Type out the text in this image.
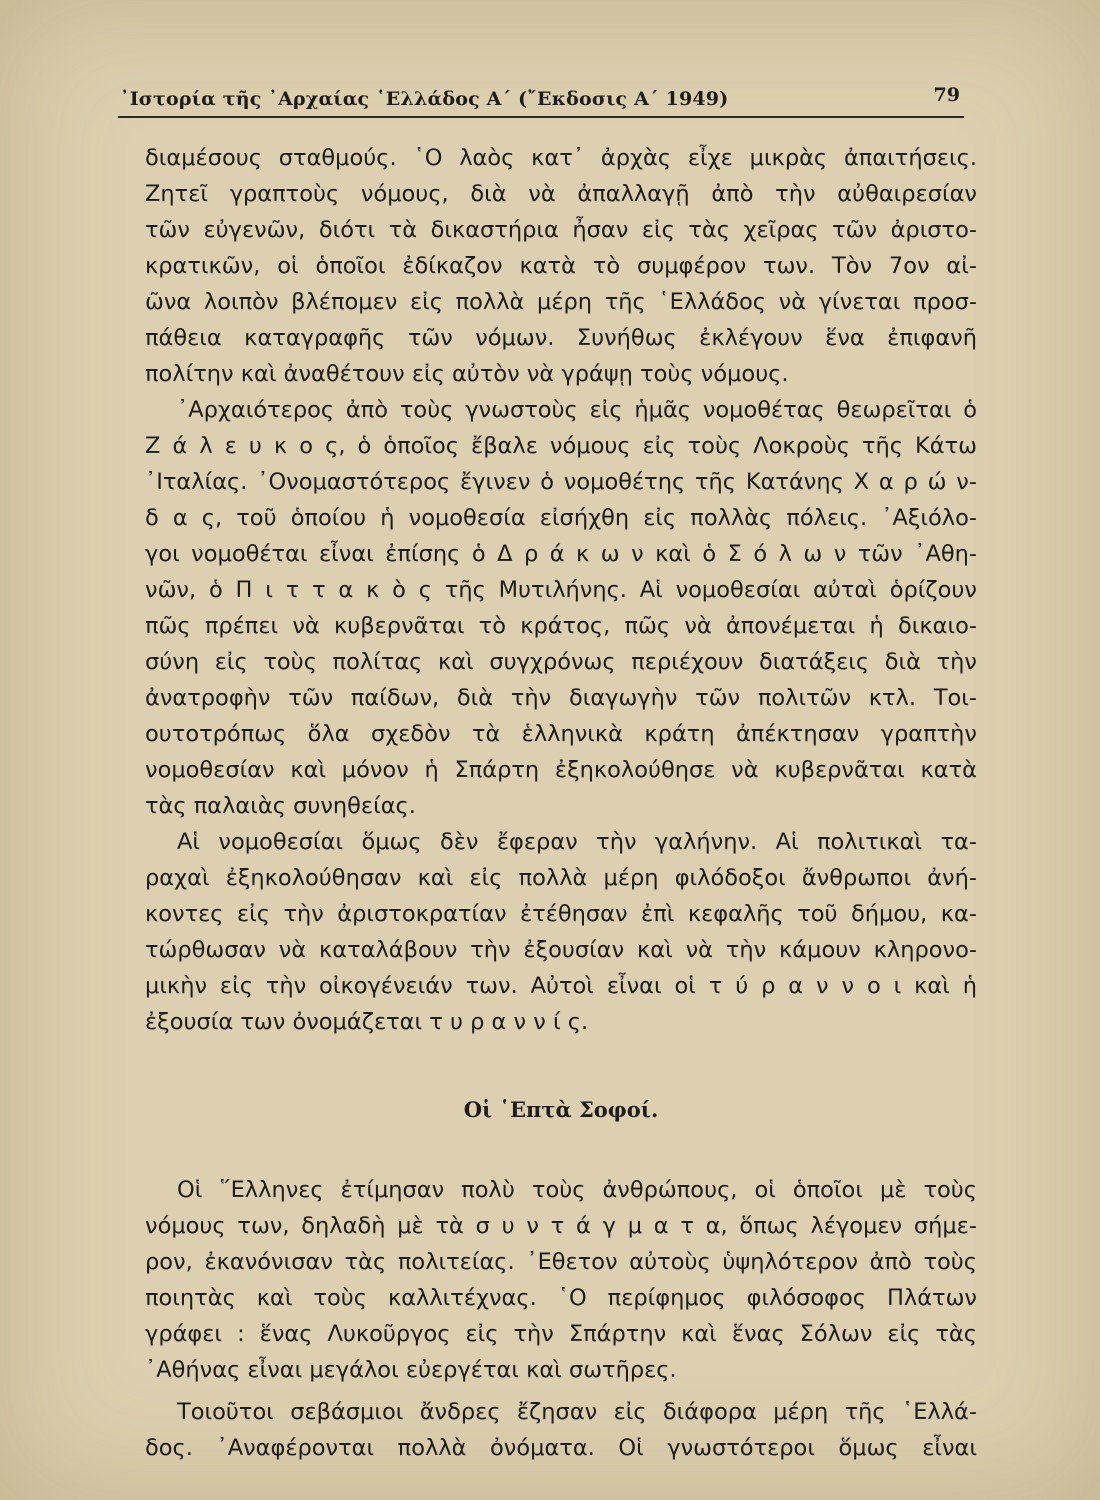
᾿Ιστορία τῆς ᾿Αρχαίας ῾Ελλάδος Α΄ (῎Εκδοσις Α΄ 1949)	79
διαμέσους σταθμούς. ῾Ο λαὸς κατ᾿ ἀρχὰς εἶχε μικρὰς ἀπαιτήσεις.
Ζητεῖ γραπτοὺς νόμους, διὰ νὰ ἀπαλλαγῇ ἀπὸ τὴν αὐθαιρεσίαν
τῶν εὐγενῶν, διότι τὰ δικαστήρια ἦσαν εἰς τὰς χεῖρας τῶν ἀριστο-
κρατικῶν, οἱ ὁποῖοι ἐδίκαζον κατὰ τὸ συμφέρον των. Τὸν 7ον αἰ-
ῶνα λοιπὸν βλέπομεν εἰς πολλὰ μέρη τῆς ῾Ελλάδος νὰ γίνεται προσ-
πάθεια καταγραφῆς τῶν νόμων. Συνήθως ἐκλέγουν ἕνα ἐπιφανῆ
πολίτην καὶ ἀναθέτουν εἰς αὐτὸν νὰ γράψῃ τοὺς νόμους.
᾿Αρχαιότερος ἀπὸ τοὺς γνωστοὺς εἰς ἡμᾶς νομοθέτας θεωρεῖται ὁ
Ζ ά λ ε υ κ ο ς, ὁ ὁποῖος ἔβαλε νόμους εἰς τοὺς Λοκροὺς τῆς Κάτω
᾿Ιταλίας. ᾿Ονομαστότερος ἔγινεν ὁ νομοθέτης τῆς Κατάνης Χ α ρ ώ ν-
δ α ς, τοῦ ὁποίου ἡ νομοθεσία εἰσήχθη εἰς πολλὰς πόλεις. ᾿Αξιόλο-
γοι νομοθέται εἶναι ἐπίσης ὁ Δ ρ ά κ ω ν καὶ ὁ Σ ό λ ω ν τῶν ᾿Αθη-
νῶν, ὁ Π ι τ τ α κ ὸ ς τῆς Μυτιλήνης. Αἱ νομοθεσίαι αὐταὶ ὁρίζουν
πῶς πρέπει νὰ κυβερνᾶται τὸ κράτος, πῶς νὰ ἀπονέμεται ἡ δικαιο-
σύνη εἰς τοὺς πολίτας καὶ συγχρόνως περιέχουν διατάξεις διὰ τὴν
ἀνατροφὴν τῶν παίδων, διὰ τὴν διαγωγὴν τῶν πολιτῶν κτλ. Τοι-
ουτοτρόπως ὅλα σχεδὸν τὰ ἑλληνικὰ κράτη ἀπέκτησαν γραπτὴν
νομοθεσίαν καὶ μόνον ἡ Σπάρτη ἐξηκολούθησε νὰ κυβερνᾶται κατὰ
τὰς παλαιὰς συνηθείας.
Αἱ νομοθεσίαι ὅμως δὲν ἔφεραν τὴν γαλήνην. Αἱ πολιτικαὶ τα-
ραχαὶ ἐξηκολούθησαν καὶ εἰς πολλὰ μέρη φιλόδοξοι ἄνθρωποι ἀνή-
κοντες εἰς τὴν ἀριστοκρατίαν ἐτέθησαν ἐπὶ κεφαλῆς τοῦ δήμου, κα-
τώρθωσαν νὰ καταλάβουν τὴν ἐξουσίαν καὶ νὰ τὴν κάμουν κληρονο-
μικὴν εἰς τὴν οἰκογένειάν των. Αὐτοὶ εἶναι οἱ τ ύ ρ α ν ν ο ι καὶ ἡ
ἐξουσία των ὀνομάζεται τ υ ρ α ν ν ί ς.
Οἱ ῾Επτὰ Σοφοί.
Οἱ ῞Ελληνες ἐτίμησαν πολὺ τοὺς ἀνθρώπους, οἱ ὁποῖοι μὲ τοὺς
νόμους των, δηλαδὴ μὲ τὰ σ υ ν τ ά γ μ α τ α, ὅπως λέγομεν σήμε-
ρον, ἐκανόνισαν τὰς πολιτείας. ᾿Εθετον αὐτοὺς ὑψηλότερον ἀπὸ τοὺς
ποιητὰς καὶ τοὺς καλλιτέχνας. ῾Ο περίφημος φιλόσοφος Πλάτων
γράφει : ἕνας Λυκοῦργος εἰς τὴν Σπάρτην καὶ ἕνας Σόλων εἰς τὰς
᾿Αθήνας εἶναι μεγάλοι εὐεργέται καὶ σωτῆρες.
Τοιοῦτοι σεβάσμιοι ἄνδρες ἔζησαν εἰς διάφορα μέρη τῆς ῾Ελλά-
δος. ᾿Αναφέρονται πολλὰ ὀνόματα. Οἱ γνωστότεροι ὅμως εἶναι
